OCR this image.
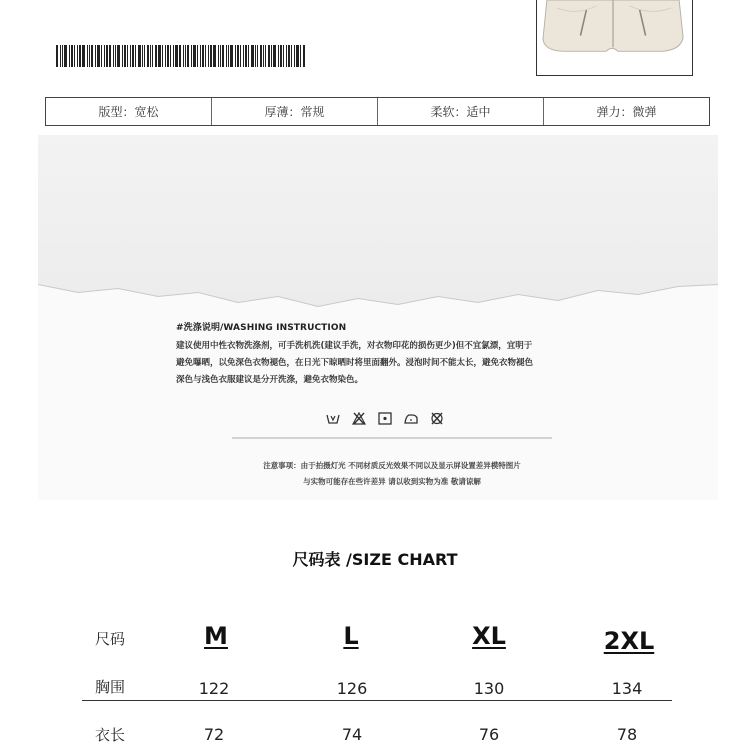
版型：宽松	厚薄：常规	柔软：适中	弹力：微弹
#洗涤说明/WASHING INSTRUCTION
建议使用中性衣物洗涤剂，可手洗机洗(建议手洗，对衣物印花的损伤更少)但不宜氯漂，宜明于
避免曝晒，以免深色衣物褪色，在日光下晾晒时将里面翻外。浸泡时间不能太长，避免衣物褪色
深色与浅色衣服建议是分开洗涤，避免衣物染色。
注意事项：由于拍摄灯光 不同材质反光效果不同以及显示屏设置差异模特图片
与实物可能存在些许差异 请以收到实物为准 敬请谅解
尺码表 /SIZE CHART
尺码	M	L	XL	2XL
胸围	122	126	130	134
衣长	72	74	76	78
